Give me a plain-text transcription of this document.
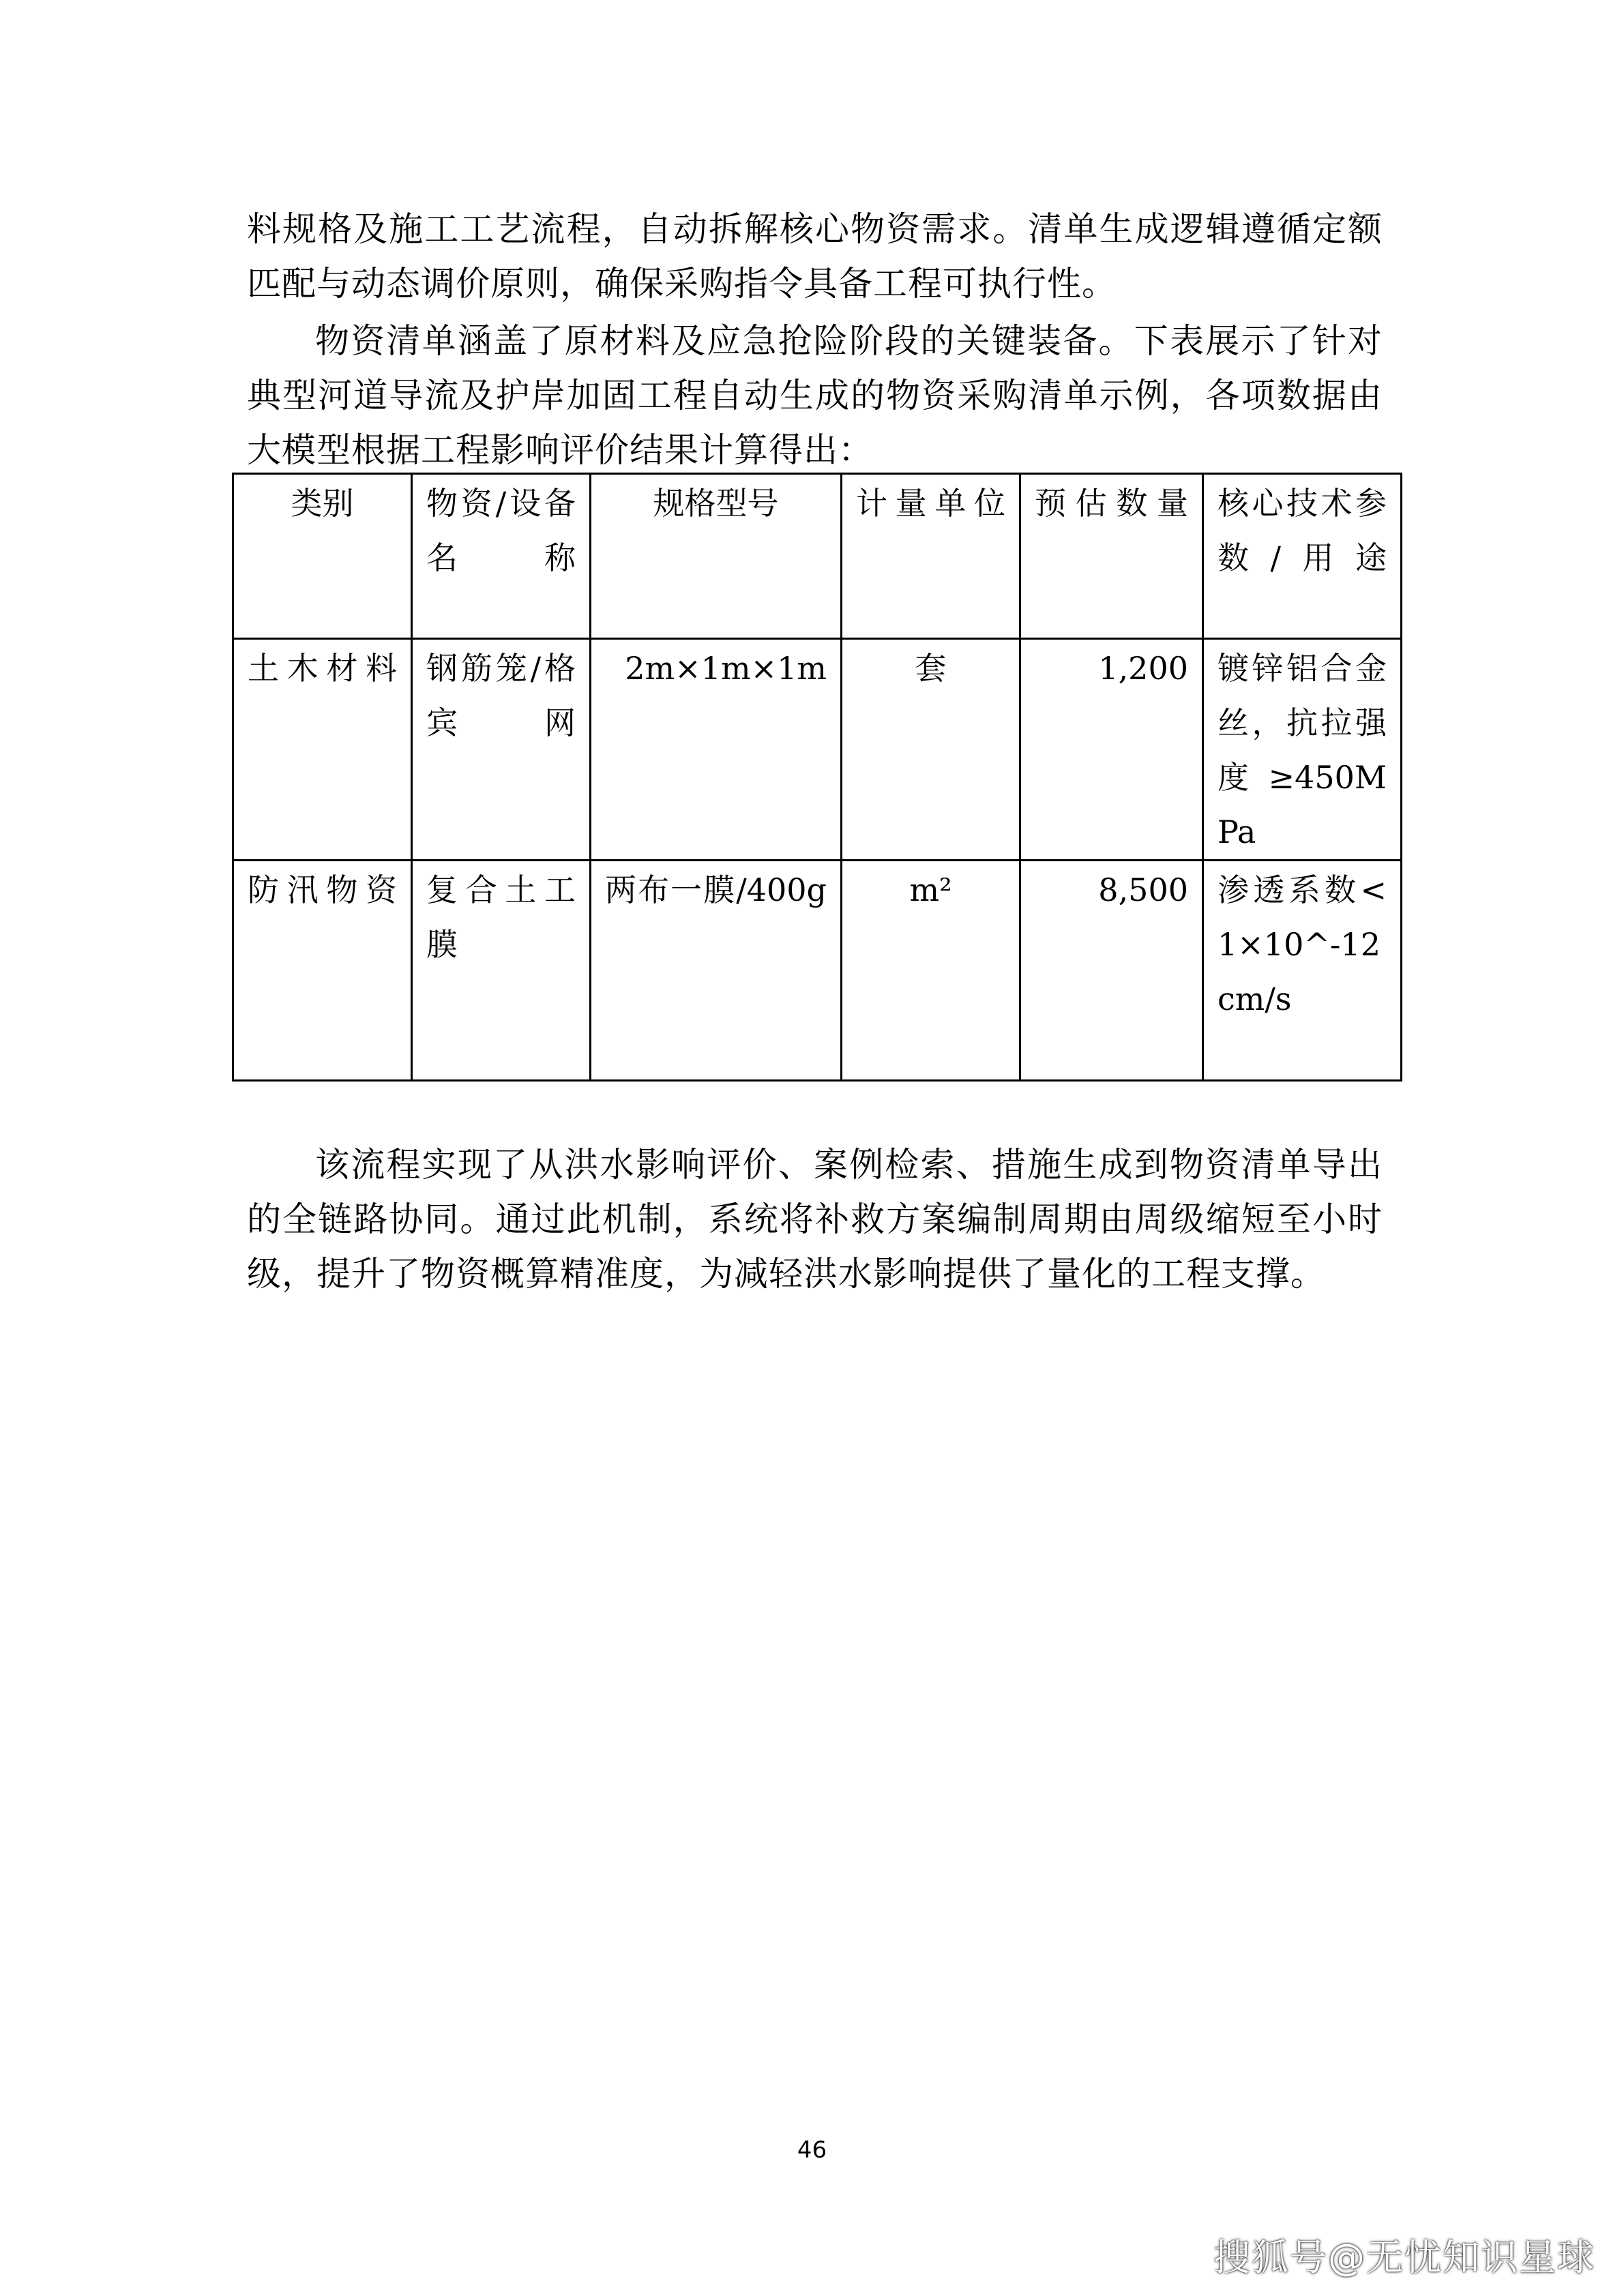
料规格及施工工艺流程，自动拆解核心物资需求。清单生成逻辑遵循定额匹配与动态调价原则，确保采购指令具备工程可执行性。

物资清单涵盖了原材料及应急抢险阶段的关键装备。下表展示了针对典型河道导流及护岸加固工程自动生成的物资采购清单示例，各项数据由大模型根据工程影响评价结果计算得出：

类别	物资/设备名称	规格型号	计量单位	预估数量	核心技术参数/用途

土木材料	钢筋笼/格宾网	2m×1m×1m	套	1,200	镀锌铝合金丝，抗拉强度≥450MPa

防汛物资	复合土工膜	两布一膜/400g	m²	8,500	渗透系数<1×10^-12 cm/s

该流程实现了从洪水影响评价、案例检索、措施生成到物资清单导出的全链路协同。通过此机制，系统将补救方案编制周期由周级缩短至小时级，提升了物资概算精准度，为减轻洪水影响提供了量化的工程支撑。

46
搜狐号@无忧知识星球
